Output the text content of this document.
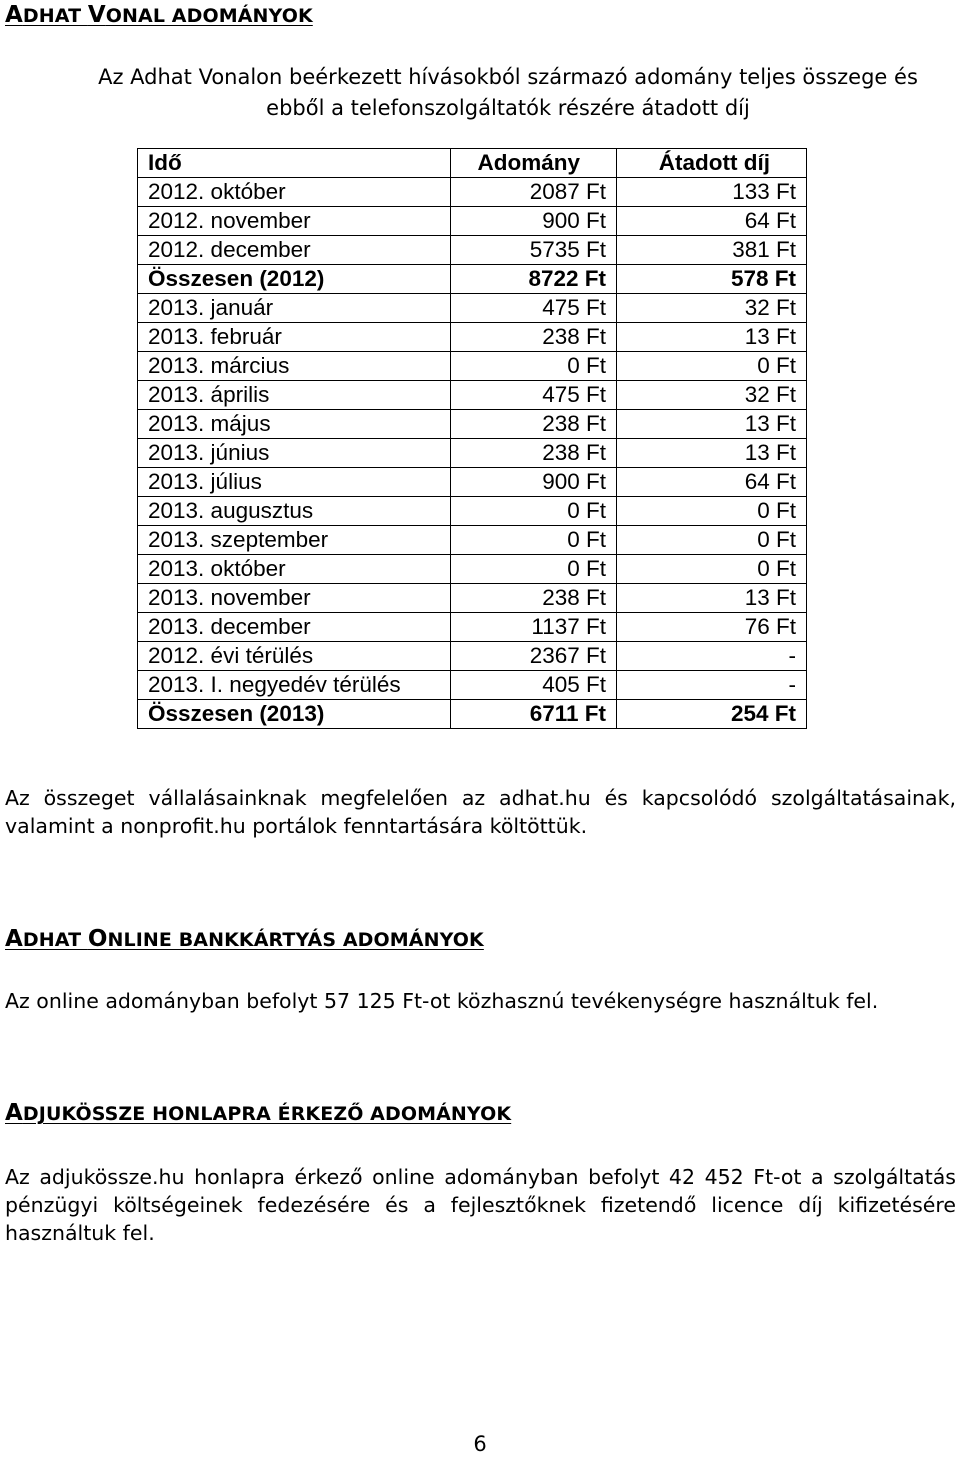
ADHAT VONAL ADOMÁNYOK

Az Adhat Vonalon beérkezett hívásokból származó adomány teljes összege és ebből a telefonszolgáltatók részére átadott díj

Idő	Adomány	Átadott díj
2012. október	2087 Ft	133 Ft
2012. november	900 Ft	64 Ft
2012. december	5735 Ft	381 Ft
Összesen (2012)	8722 Ft	578 Ft
2013. január	475 Ft	32 Ft
2013. február	238 Ft	13 Ft
2013. március	0 Ft	0 Ft
2013. április	475 Ft	32 Ft
2013. május	238 Ft	13 Ft
2013. június	238 Ft	13 Ft
2013. július	900 Ft	64 Ft
2013. augusztus	0 Ft	0 Ft
2013. szeptember	0 Ft	0 Ft
2013. október	0 Ft	0 Ft
2013. november	238 Ft	13 Ft
2013. december	1137 Ft	76 Ft
2012. évi térülés	2367 Ft	-
2013. I. negyedév térülés	405 Ft	-
Összesen (2013)	6711 Ft	254 Ft

Az összeget vállalásainknak megfelelően az adhat.hu és kapcsolódó szolgáltatásainak, valamint a nonprofit.hu portálok fenntartására költöttük.

ADHAT ONLINE BANKKÁRTYÁS ADOMÁNYOK

Az online adományban befolyt 57 125 Ft-ot közhasznú tevékenységre használtuk fel.

ADJUKÖSSZE HONLAPRA ÉRKEZŐ ADOMÁNYOK

Az adjukössze.hu honlapra érkező online adományban befolyt 42 452 Ft-ot a szolgáltatás pénzügyi költségeinek fedezésére és a fejlesztőknek fizetendő licence díj kifizetésére használtuk fel.

6
